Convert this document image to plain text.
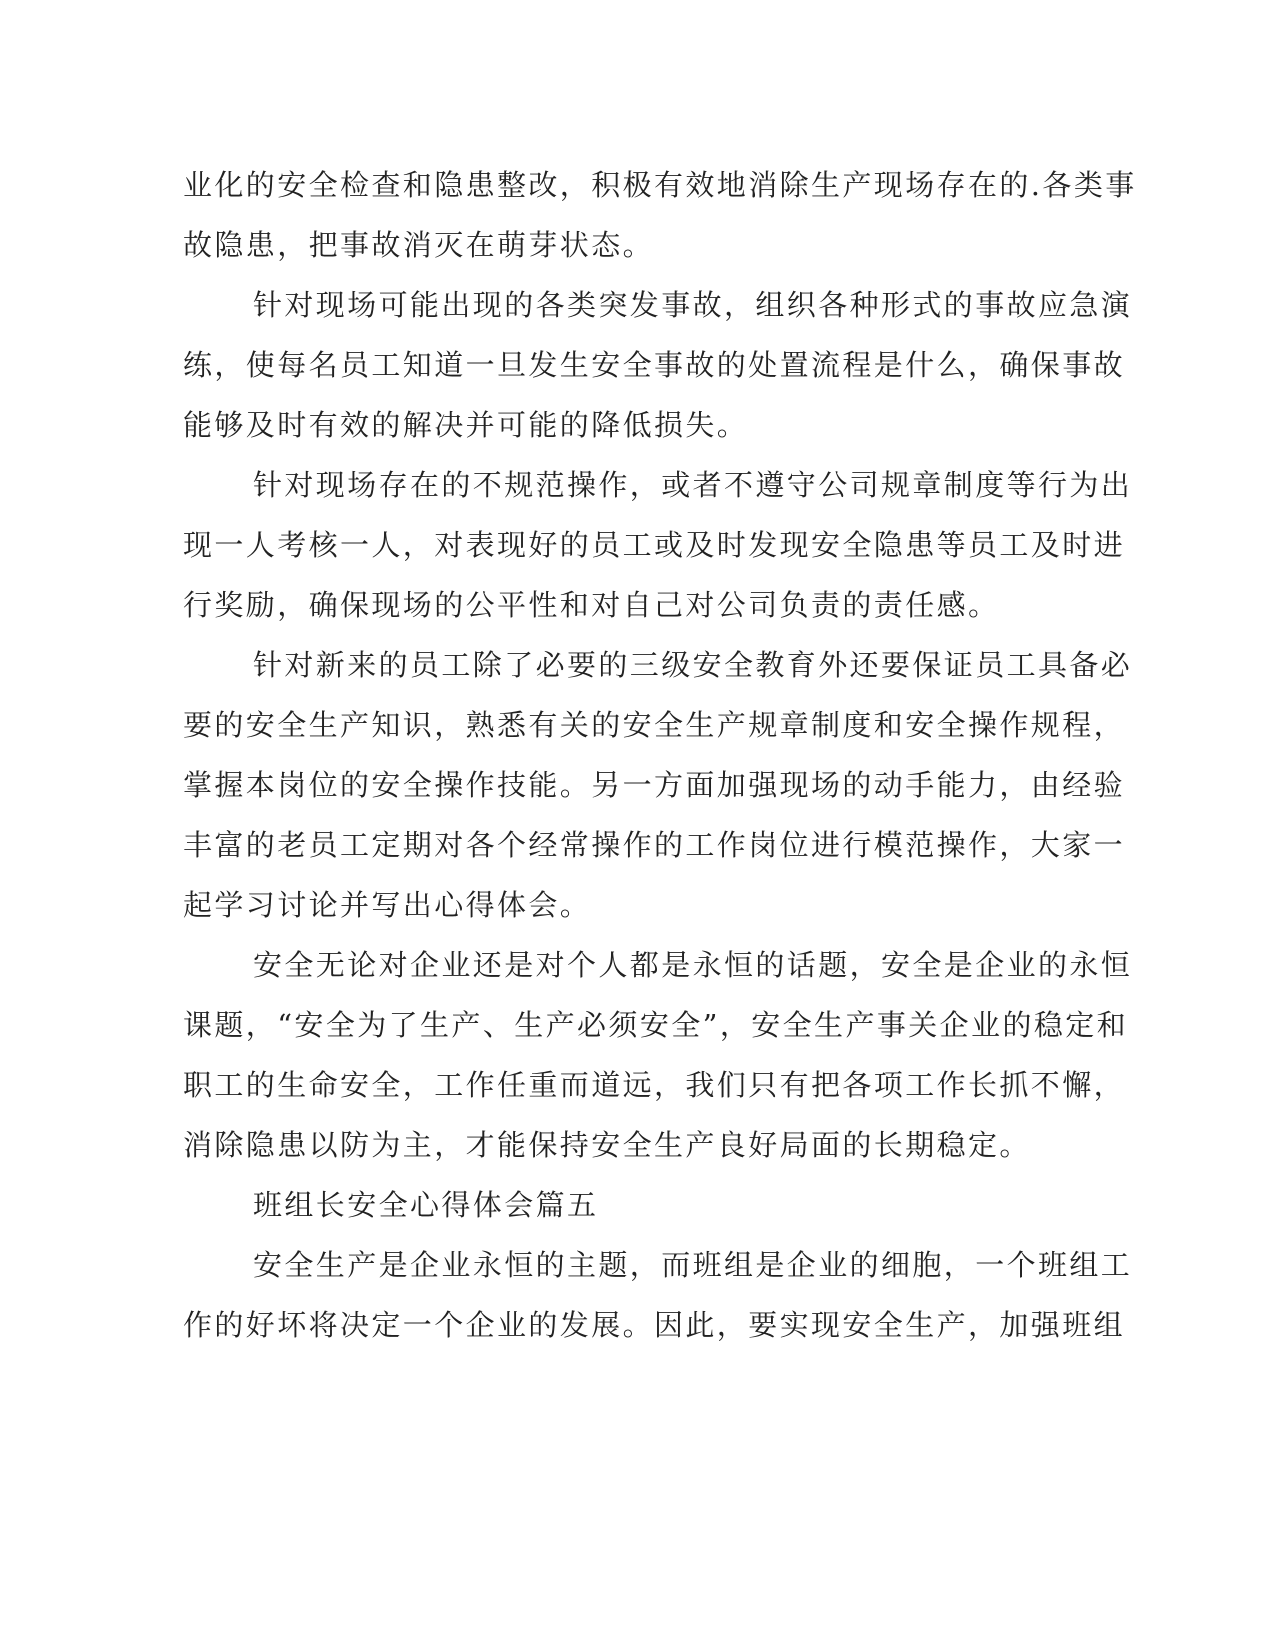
业化的安全检查和隐患整改，积极有效地消除生产现场存在的.各类事
故隐患，把事故消灭在萌芽状态。
针对现场可能出现的各类突发事故，组织各种形式的事故应急演
练，使每名员工知道一旦发生安全事故的处置流程是什么，确保事故
能够及时有效的解决并可能的降低损失。
针对现场存在的不规范操作，或者不遵守公司规章制度等行为出
现一人考核一人，对表现好的员工或及时发现安全隐患等员工及时进
行奖励，确保现场的公平性和对自己对公司负责的责任感。
针对新来的员工除了必要的三级安全教育外还要保证员工具备必
要的安全生产知识，熟悉有关的安全生产规章制度和安全操作规程，
掌握本岗位的安全操作技能。另一方面加强现场的动手能力，由经验
丰富的老员工定期对各个经常操作的工作岗位进行模范操作，大家一
起学习讨论并写出心得体会。
安全无论对企业还是对个人都是永恒的话题，安全是企业的永恒
课题，“安全为了生产、生产必须安全”，安全生产事关企业的稳定和
职工的生命安全，工作任重而道远，我们只有把各项工作长抓不懈，
消除隐患以防为主，才能保持安全生产良好局面的长期稳定。
班组长安全心得体会篇五
安全生产是企业永恒的主题，而班组是企业的细胞，一个班组工
作的好坏将决定一个企业的发展。因此，要实现安全生产，加强班组
